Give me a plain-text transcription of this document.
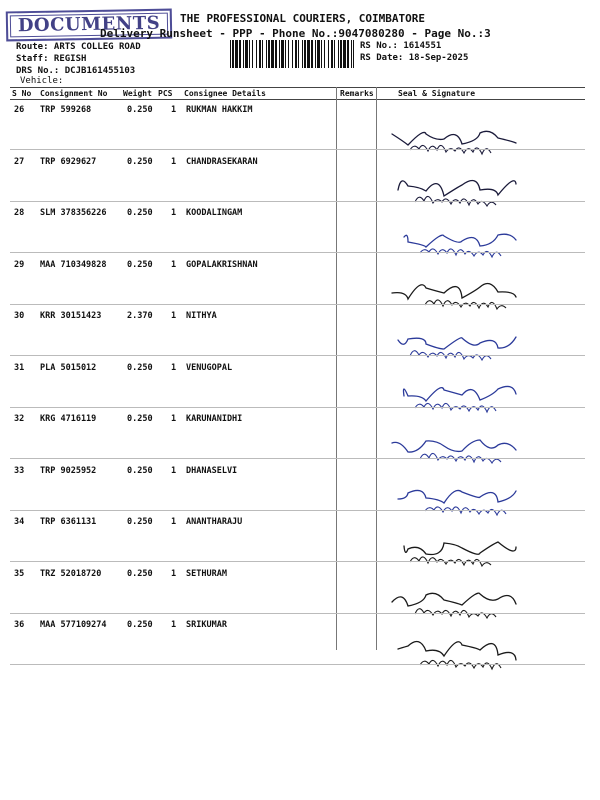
DOCUMENTS	THE PROFESSIONAL COURIERS, COIMBATORE
Delivery Runsheet - PPP - Phone No.:9047080280 - Page No.:3
Route: ARTS COLLEG ROAD
Staff: REGISH
DRS No.: DCJB161455103
Vehicle:
RS No.: 1614551
RS Date: 18-Sep-2025
S No Consignment No Weight PCS Consignee Details	Remarks	Seal & Signature
26 TRP 599268	0.250 1 RUKMAN HAKKIM
27 TRP 6929627	0.250 1 CHANDRASEKARAN
28 SLM 378356226 0.250 1 KOODALINGAM
29 MAA 710349828 0.250 1 GOPALAKRISHNAN
30 KRR 30151423	2.370 1 NITHYA
31 PLA 5015012	0.250 1 VENUGOPAL
32 KRG 4716119	0.250 1 KARUNANIDHI
33 TRP 9025952	0.250 1 DHANASELVI
34 TRP 6361131	0.250 1 ANANTHARAJU
35 TRZ 52018720	0.250 1 SETHURAM
36 MAA 577109274 0.250 1 SRIKUMAR
